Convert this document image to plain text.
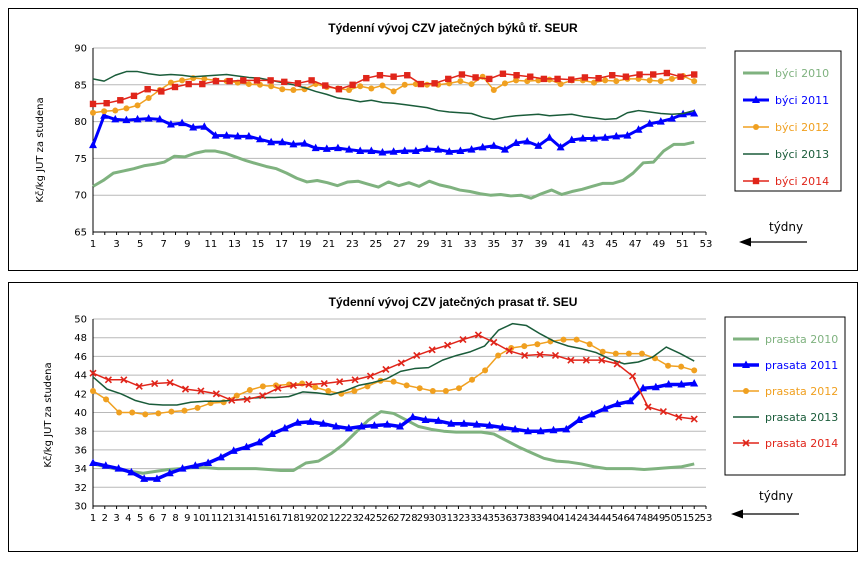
Týdenní vývoj CZV jatečných býků tř. SEUR
Kč/kg JUT za studena
týdny
65
70
75
80
85
90
1 3 5 7 9 11 13 15 17 19 21 23 25 27 29 31 33 35 37 39 41 43 45 47 49 51 53
býci 2010
býci 2011
býci 2012
býci 2013
býci 2014
Týdenní vývoj CZV jatečných prasat tř. SEU
Kč/kg JUT za studena
týdny
30
32
34
36
38
40
42
44
46
48
50
1 2 3 4 5 6 7 8 9 10 11 12 13 14 15 16 17 18 19 20 21 22 23 24 25 26 27 28 29 30 31 32 33 34 35 36 37 38 39 40 41 42 43 44 45 46 47 48 49 50 51 52 53
prasata 2010
prasata 2011
prasata 2012
prasata 2013
prasata 2014
